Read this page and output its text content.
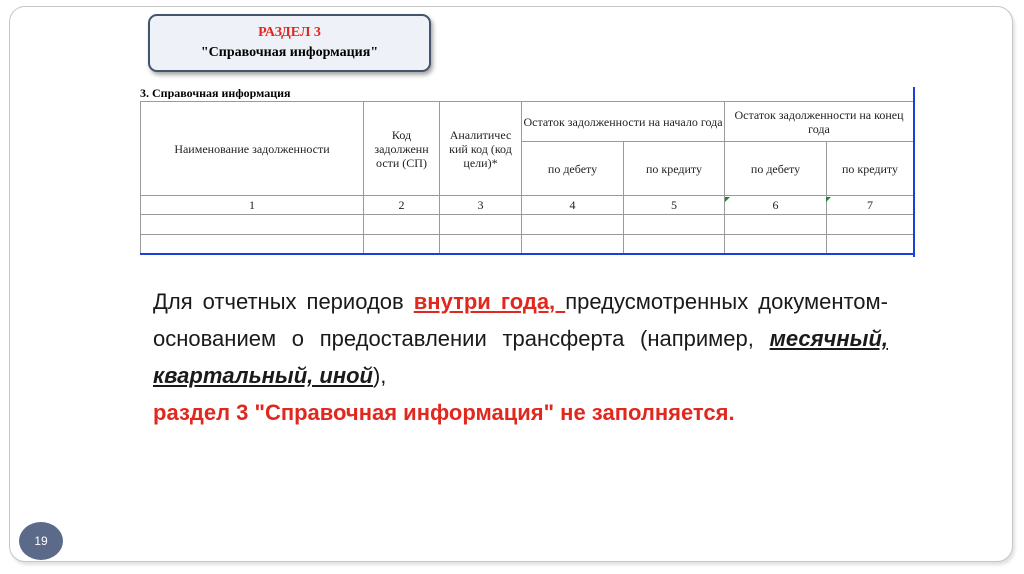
РАЗДЕЛ 3
"Справочная информация"
3. Справочная информация
Наименование задолженности	Код задолженн ости (СП)	Аналитичес кий код (код цели)*	Остаток задолженности на начало года		Остаток задолженности на конец года	
			по дебету	по кредиту	по дебету	по кредиту
1	2	3	4	5	6	7

Для отчетных периодов внутри года, предусмотренных документом-основанием о предоставлении трансферта (например, месячный, квартальный, иной),
раздел 3 "Справочная информация" не заполняется.
19
